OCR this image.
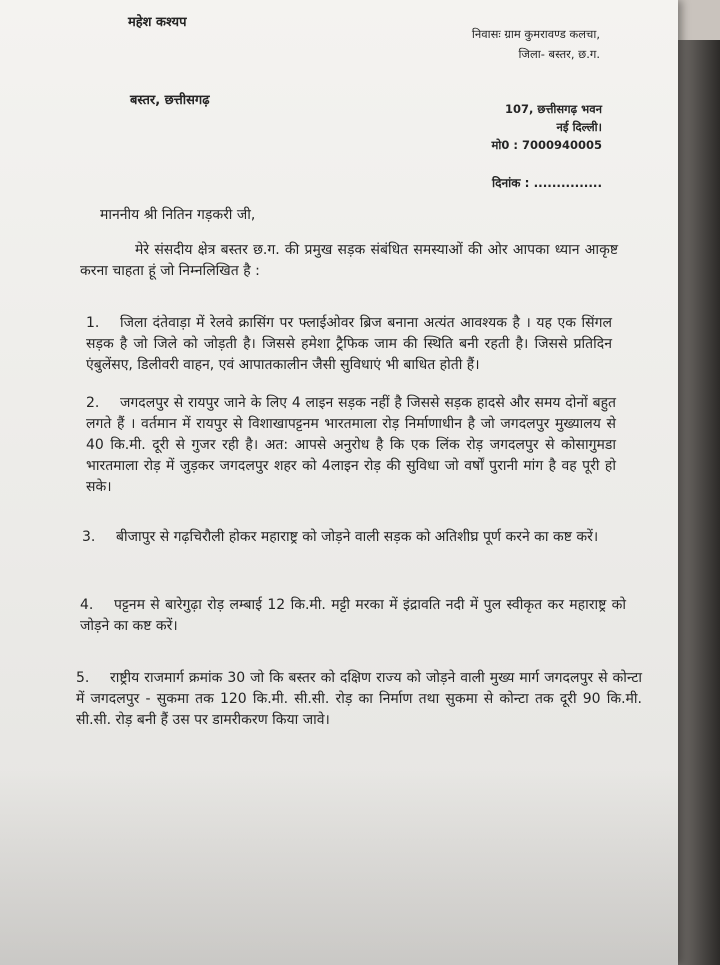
महेश कश्यप
निवासः ग्राम कुमरावण्ड कलचा,
जिला- बस्तर, छ.ग.
बस्तर, छत्तीसगढ़
107, छत्तीसगढ़ भवन
नई दिल्ली।
मो0 : 7000940005
दिनांक : ...............
माननीय श्री नितिन गड़करी जी,
मेरे संसदीय क्षेत्र बस्तर छ.ग. की प्रमुख सड़क संबंधित समस्याओं की ओर आपका ध्यान आकृष्ट करना चाहता हूं जो निम्नलिखित है :
1. जिला दंतेवाड़ा में रेलवे क्रासिंग पर फ्लाईओवर ब्रिज बनाना अत्यंत आवश्यक है । यह एक सिंगल सड़क है जो जिले को जोड़ती है। जिससे हमेशा ट्रैफिक जाम की स्थिति बनी रहती है। जिससे प्रतिदिन एंबुलेंसए, डिलीवरी वाहन, एवं आपातकालीन जैसी सुविधाएं भी बाधित होती हैं।
2. जगदलपुर से रायपुर जाने के लिए 4 लाइन सड़क नहीं है जिससे सड़क हादसे और समय दोनों बहुत लगते हैं । वर्तमान में रायपुर से विशाखापट्टनम भारतमाला रोड़ निर्माणाधीन है जो जगदलपुर मुख्यालय से 40 कि.मी. दूरी से गुजर रही है। अत: आपसे अनुरोध है कि एक लिंक रोड़ जगदलपुर से कोसागुमडा भारतमाला रोड़ में जुड़कर जगदलपुर शहर को 4लाइन रोड़ की सुविधा जो वर्षों पुरानी मांग है वह पूरी हो सके।
3. बीजापुर से गढ़चिरौली होकर महाराष्ट्र को जोड़ने वाली सड़क को अतिशीघ्र पूर्ण करने का कष्ट करें।
4. पट्टनम से बारेगुढ़ा रोड़ लम्बाई 12 कि.मी. मट्टी मरका में इंद्रावति नदी में पुल स्वीकृत कर महाराष्ट्र को जोड़ने का कष्ट करें।
5. राष्ट्रीय राजमार्ग क्रमांक 30 जो कि बस्तर को दक्षिण राज्य को जोड़ने वाली मुख्य मार्ग जगदलपुर से कोन्टा में जगदलपुर - सुकमा तक 120 कि.मी. सी.सी. रोड़ का निर्माण तथा सुकमा से कोन्टा तक दूरी 90 कि.मी. सी.सी. रोड़ बनी हैं उस पर डामरीकरण किया जावे।
